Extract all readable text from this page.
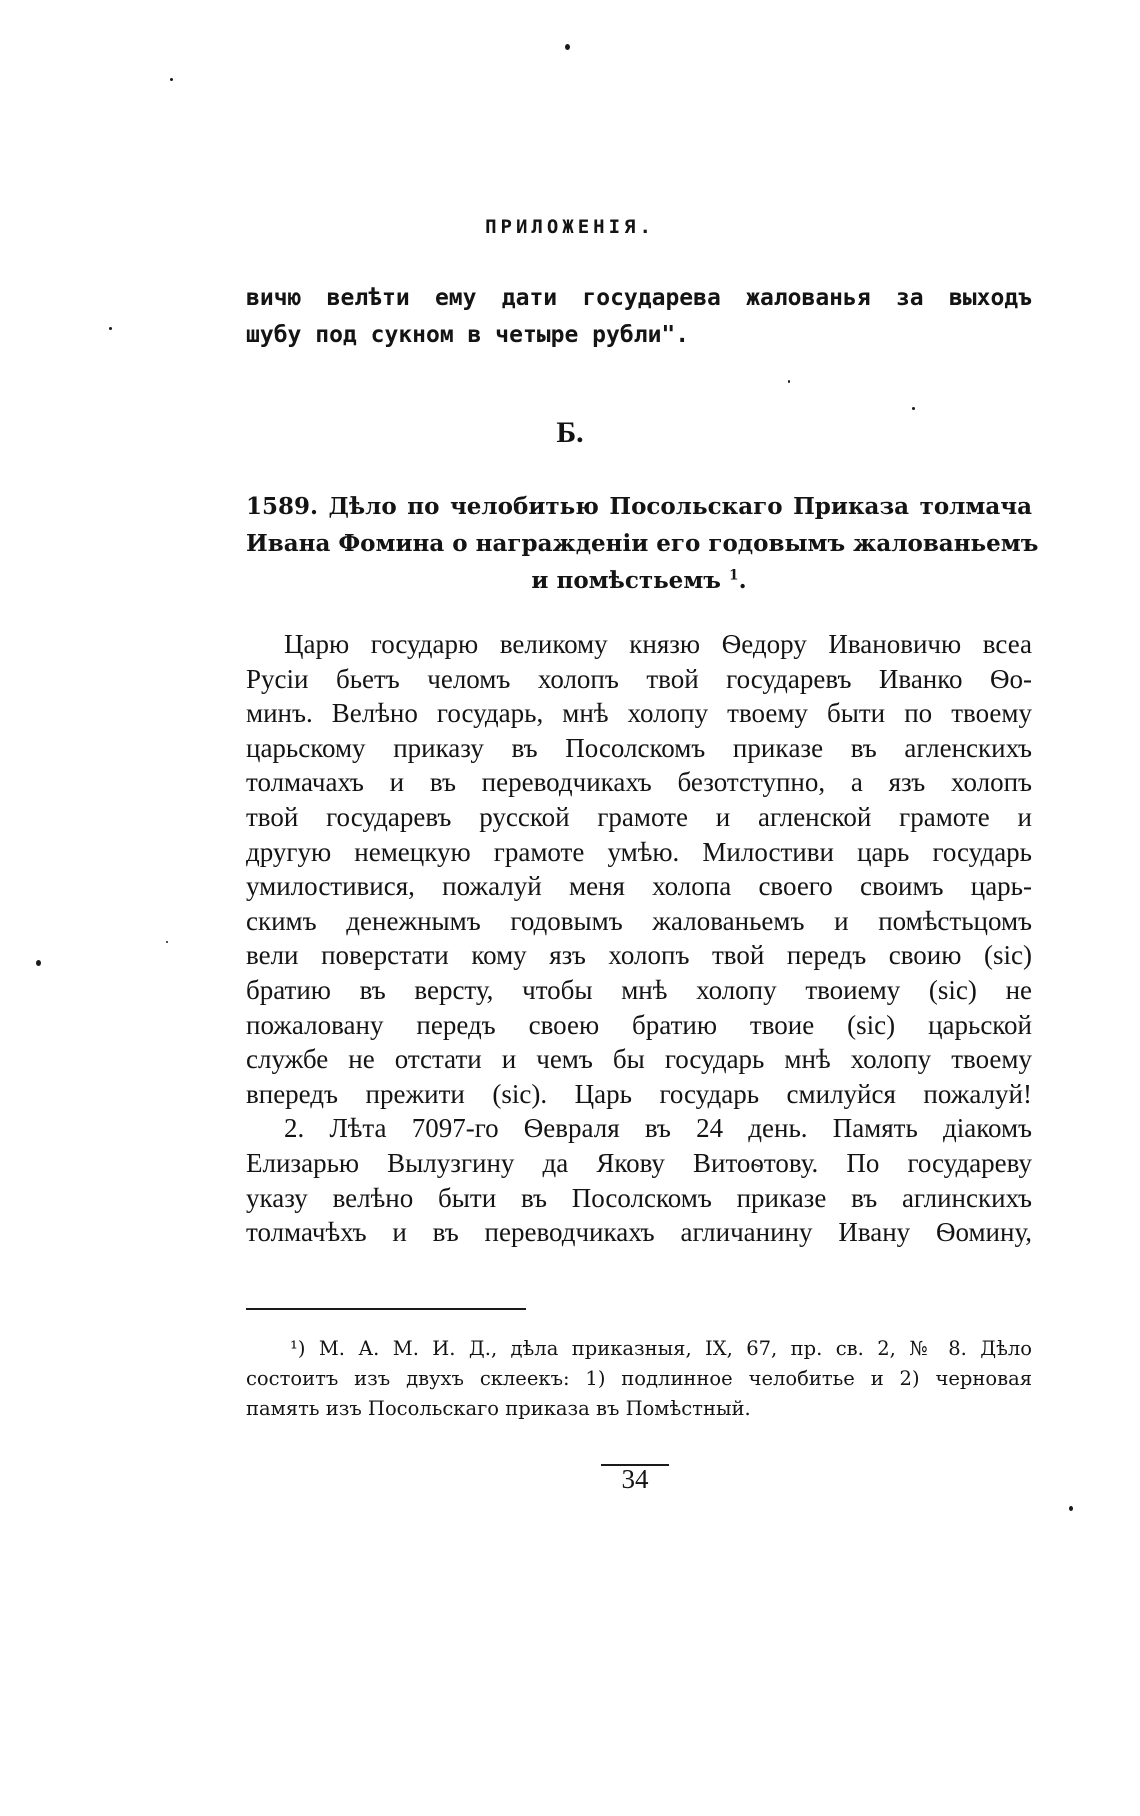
ПРИЛОЖЕНІЯ.
вичю велѣти ему дати государева жалованья за выходъ
шубу под сукном в четыре рубли".
Б.
1589. Дѣло по челобитью Посольскаго Приказа толмача
Ивана Фомина о награжденіи его годовымъ жалованьемъ
и помѣстьемъ $^1$.
Царю государю великому князю Ѳедору Ивановичю всеа
Русіи бьетъ челомъ холопъ твой государевъ Иванко Ѳо-
минъ. Велѣно государь, мнѣ холопу твоему быти по твоему
царьскому приказу въ Посолскомъ прикaзе въ агленскихъ
толмачахъ и въ переводчикахъ безотступно, а язъ холопъ
твой государевъ русской грамоте и агленской грамоте и
другую немецкую грамоте умѣю. Милостиви царь государь
умилостивися, пожалуй меня холопа своего своимъ царь-
скимъ денежнымъ годовымъ жалованьемъ и помѣстьцомъ
вели поверстати кому язъ холопъ твой передъ своию (sic)
братию въ версту, чтобы мнѣ холопу твоиему (sic) не
пожаловану передъ своею братию твоие (sic) царьской
службе не отстати и чемъ бы государь мнѣ холопу твоему
впередъ прежити (sic). Царь государь смилуйся пожалуй!
2. Лѣта 7097-го Ѳевраля въ 24 день. Память діакомъ
Елизарью Вылузгину да Якову Витоѳтову. По государеву
указу велѣно быти въ Посолскомъ приказе въ аглинскихъ
толмачѣхъ и въ переводчикахъ агличанину Ивану Ѳомину,
¹) М. А. М. И. Д., дѣла приказныя, IX, 67, пр. св. 2, № 8. Дѣло
состоитъ изъ двухъ склеекъ: 1) подлинное челобитье и 2) черновая
память изъ Посольскаго приказа въ Помѣстный.
34
